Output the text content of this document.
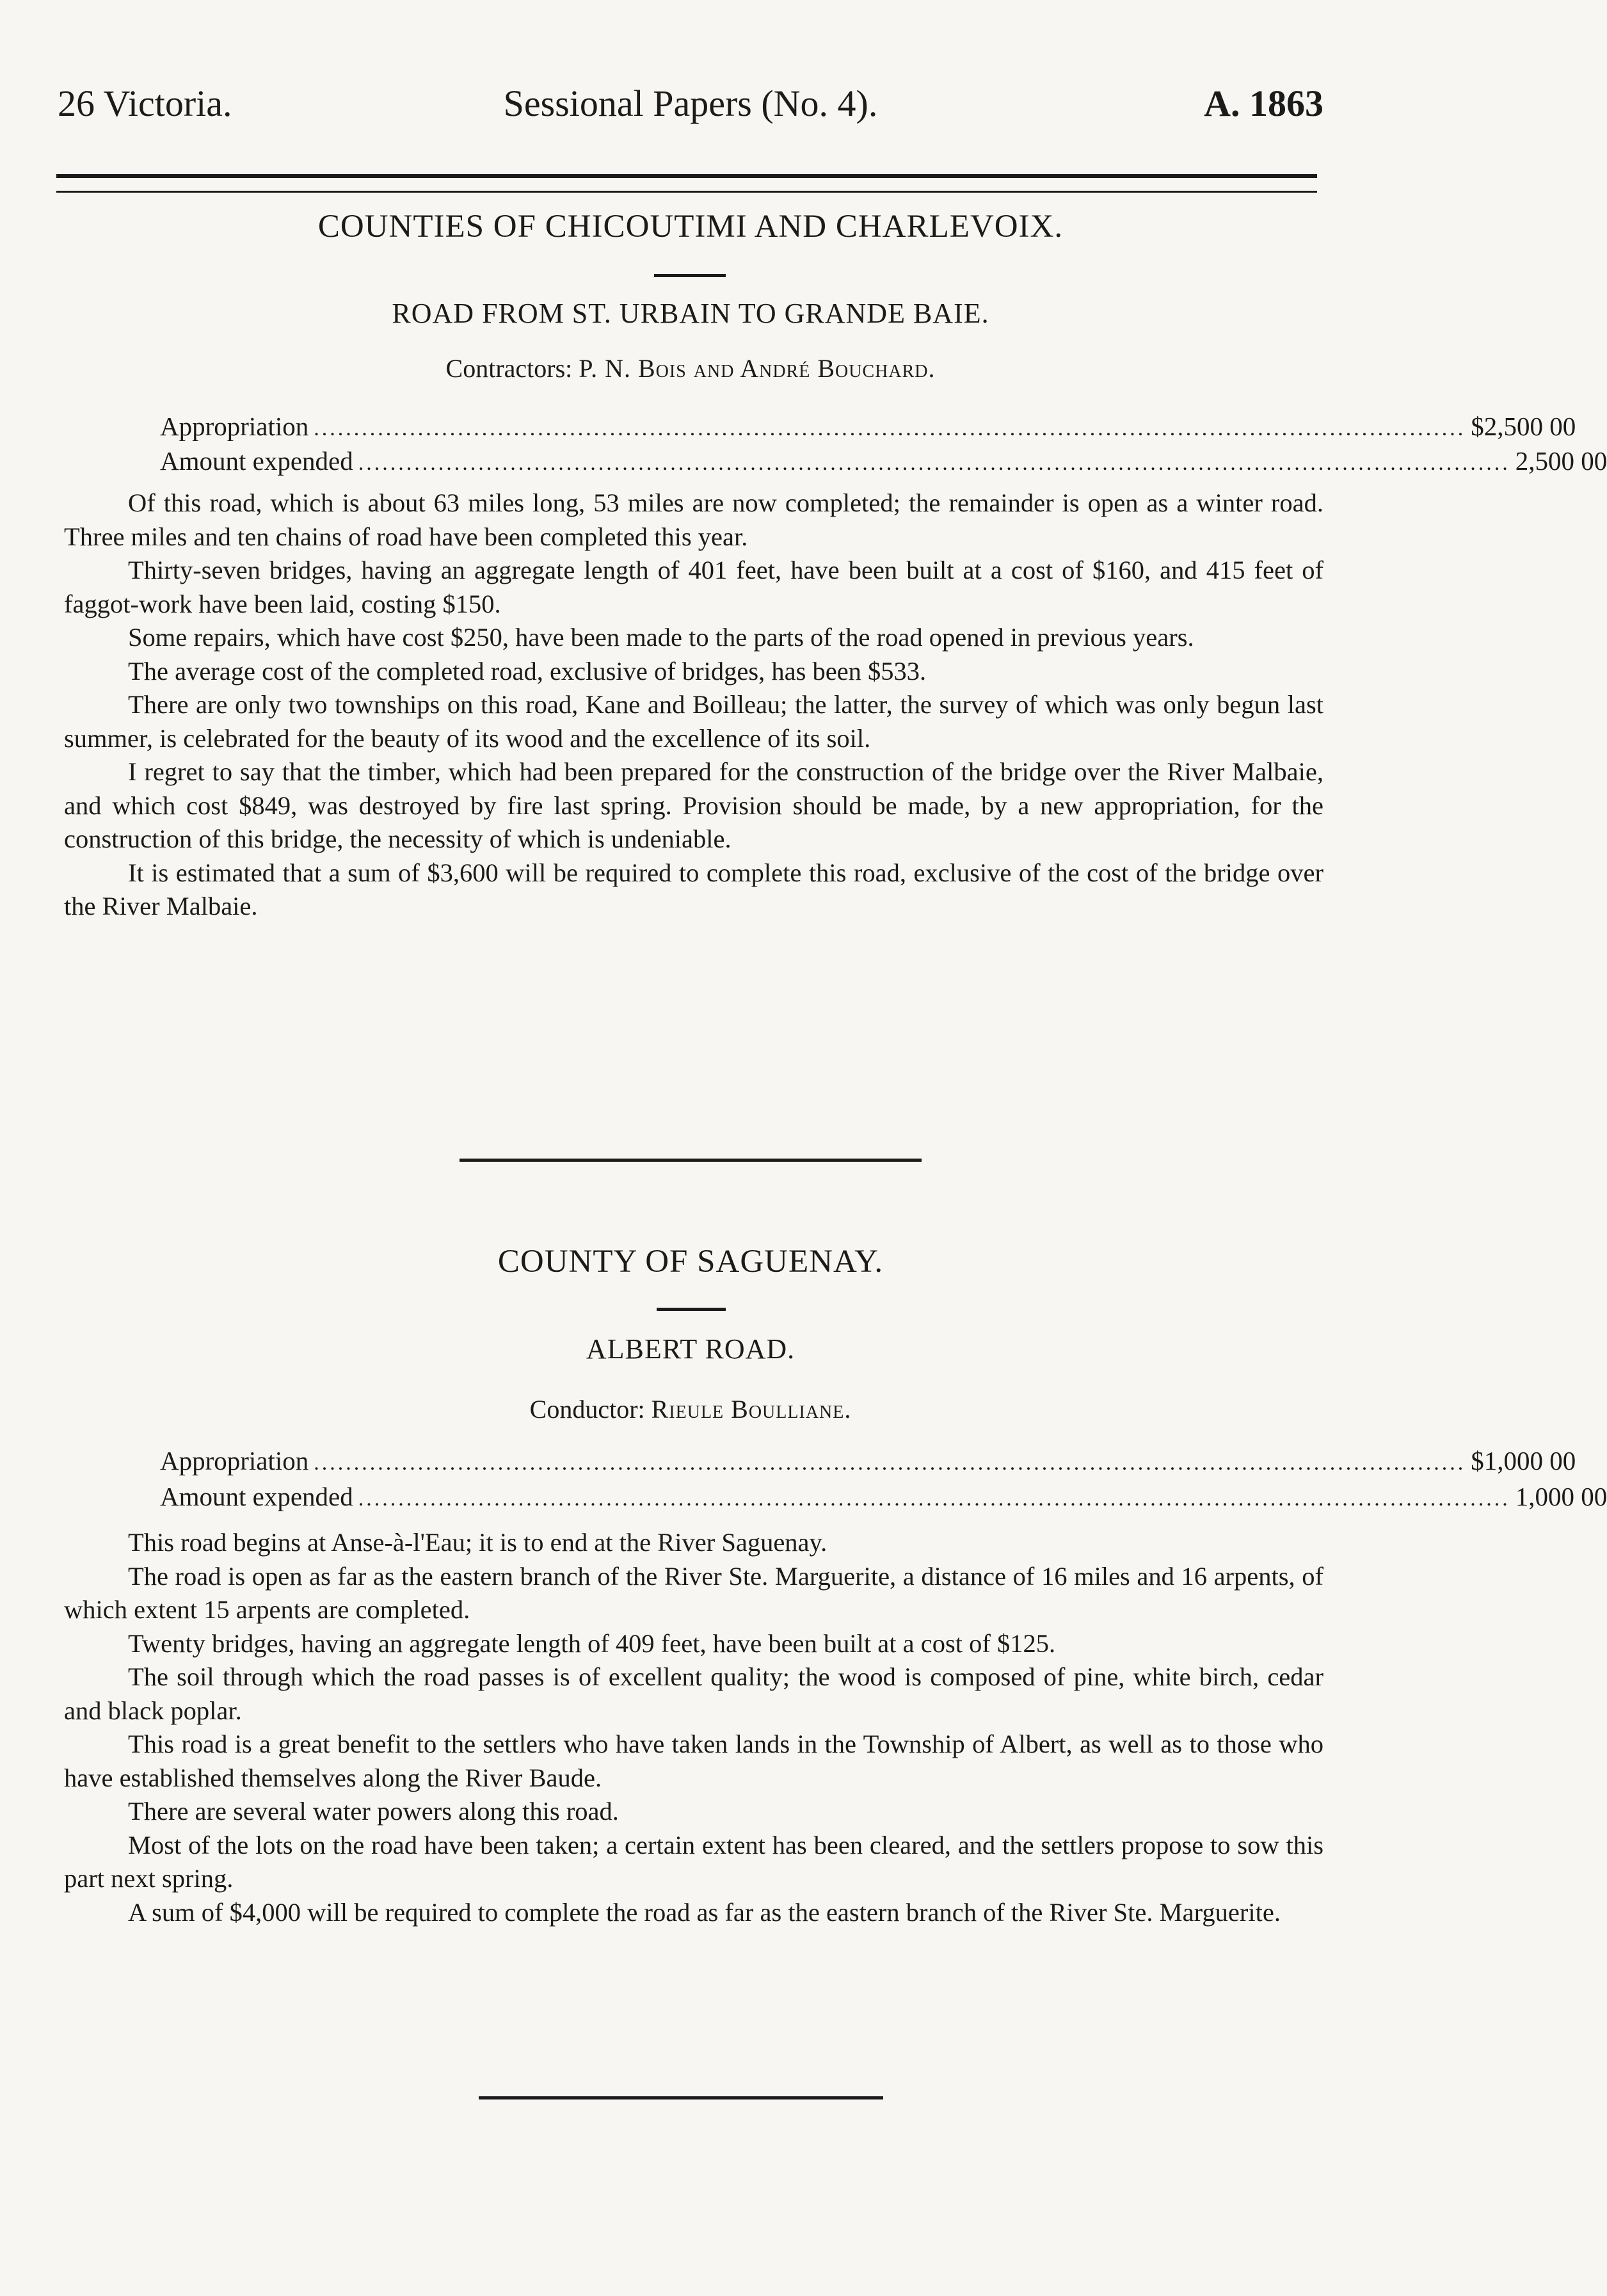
26 Victoria.	Sessional Papers (No. 4).	A. 1863
COUNTIES OF CHICOUTIMI AND CHARLEVOIX.
ROAD FROM ST. URBAIN TO GRANDE BAIE.
Contractors: P. N. Bois and André Bouchard.
Appropriation ................................................................................................................................................ $2,500 00
Amount expended ................................................................................................................................................ 2,500 00

Of this road, which is about 63 miles long, 53 miles are now completed; the remainder is open as a winter road. Three miles and ten chains of road have been completed this year.

Thirty-seven bridges, having an aggregate length of 401 feet, have been built at a cost of $160, and 415 feet of faggot-work have been laid, costing $150.

Some repairs, which have cost $250, have been made to the parts of the road opened in previous years.

The average cost of the completed road, exclusive of bridges, has been $533.

There are only two townships on this road, Kane and Boilleau; the latter, the survey of which was only begun last summer, is celebrated for the beauty of its wood and the excellence of its soil.

I regret to say that the timber, which had been prepared for the construction of the bridge over the River Malbaie, and which cost $849, was destroyed by fire last spring. Provision should be made, by a new appropriation, for the construction of this bridge, the necessity of which is undeniable.

It is estimated that a sum of $3,600 will be required to complete this road, exclusive of the cost of the bridge over the River Malbaie.

COUNTY OF SAGUENAY.
ALBERT ROAD.
Conductor: Rieule Boulliane.
Appropriation ................................................................................................................................................ $1,000 00
Amount expended ................................................................................................................................................ 1,000 00

This road begins at Anse-à-l'Eau; it is to end at the River Saguenay.

The road is open as far as the eastern branch of the River Ste. Marguerite, a distance of 16 miles and 16 arpents, of which extent 15 arpents are completed.

Twenty bridges, having an aggregate length of 409 feet, have been built at a cost of $125.

The soil through which the road passes is of excellent quality; the wood is composed of pine, white birch, cedar and black poplar.

This road is a great benefit to the settlers who have taken lands in the Township of Albert, as well as to those who have established themselves along the River Baude.

There are several water powers along this road.

Most of the lots on the road have been taken; a certain extent has been cleared, and the settlers propose to sow this part next spring.

A sum of $4,000 will be required to complete the road as far as the eastern branch of the River Ste. Marguerite.
